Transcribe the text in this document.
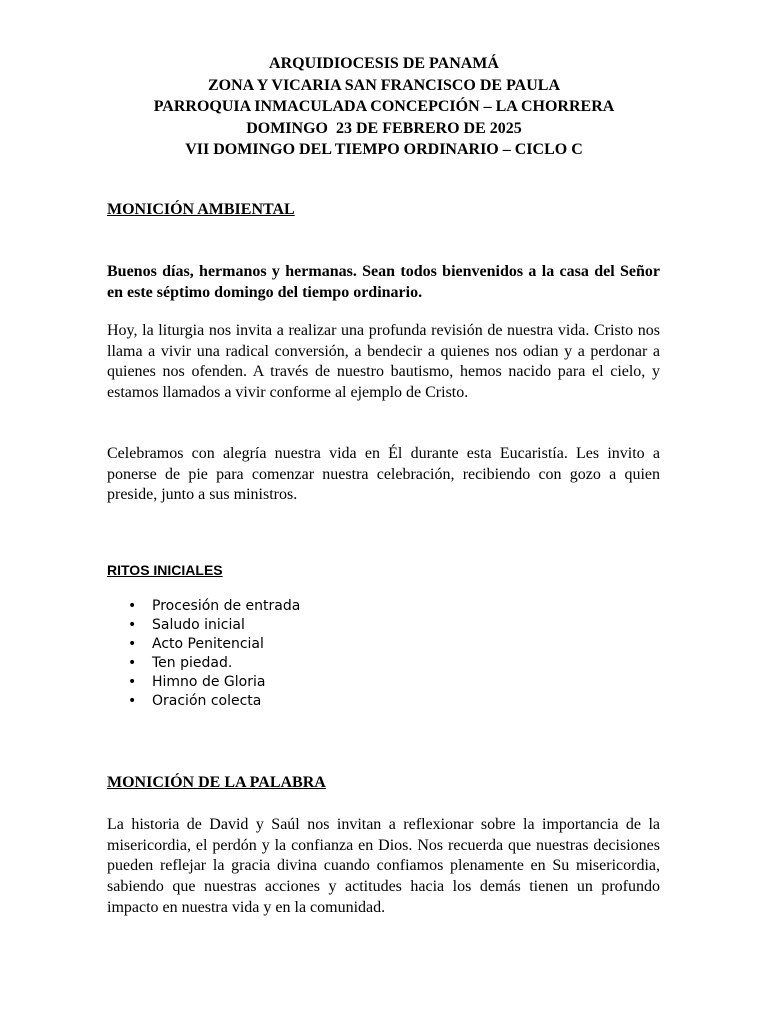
ARQUIDIOCESIS DE PANAMÁ
ZONA Y VICARIA SAN FRANCISCO DE PAULA
PARROQUIA INMACULADA CONCEPCIÓN – LA CHORRERA
DOMINGO  23 DE FEBRERO DE 2025
VII DOMINGO DEL TIEMPO ORDINARIO – CICLO C
MONICIÓN AMBIENTAL

Buenos días, hermanos y hermanas. Sean todos bienvenidos a la casa del Señor en este séptimo domingo del tiempo ordinario.

Hoy, la liturgia nos invita a realizar una profunda revisión de nuestra vida. Cristo nos llama a vivir una radical conversión, a bendecir a quienes nos odian y a perdonar a quienes nos ofenden. A través de nuestro bautismo, hemos nacido para el cielo, y estamos llamados a vivir conforme al ejemplo de Cristo.

Celebramos con alegría nuestra vida en Él durante esta Eucaristía. Les invito a ponerse de pie para comenzar nuestra celebración, recibiendo con gozo a quien preside, junto a sus ministros.

RITOS INICIALES
• Procesión de entrada
• Saludo inicial
• Acto Penitencial
• Ten piedad.
• Himno de Gloria
• Oración colecta
MONICIÓN DE LA PALABRA

La historia de David y Saúl nos invitan a reflexionar sobre la importancia de la misericordia, el perdón y la confianza en Dios. Nos recuerda que nuestras decisiones pueden reflejar la gracia divina cuando confiamos plenamente en Su misericordia, sabiendo que nuestras acciones y actitudes hacia los demás tienen un profundo impacto en nuestra vida y en la comunidad.
